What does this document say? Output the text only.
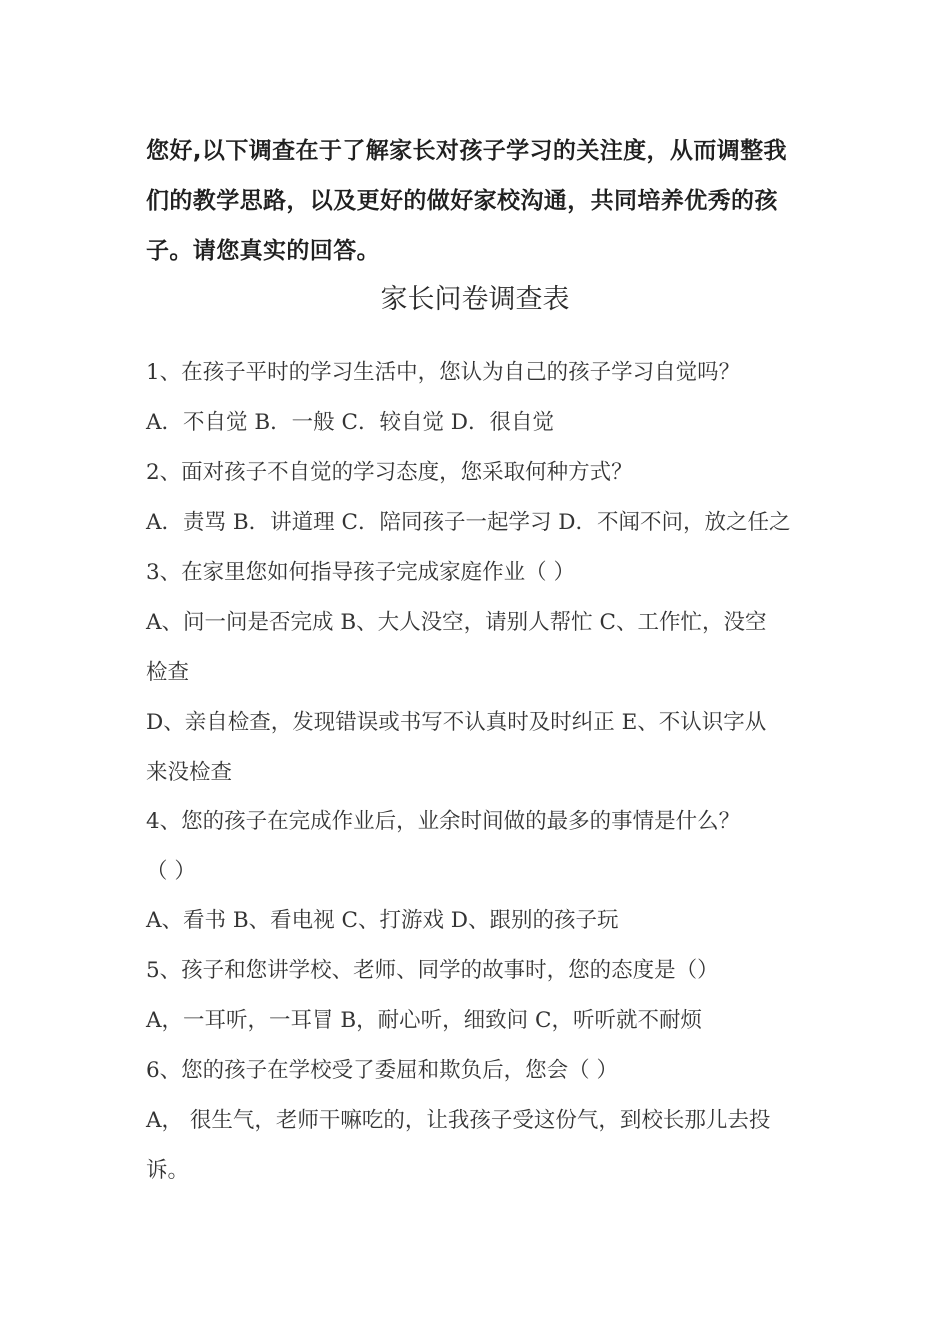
您好,以下调查在于了解家长对孩子学习的关注度，从而调整我
们的教学思路，以及更好的做好家校沟通，共同培养优秀的孩
子。请您真实的回答。
家长问卷调查表
1、在孩子平时的学习生活中，您认为自己的孩子学习自觉吗？
A．不自觉 B．一般 C．较自觉 D．很自觉
2、面对孩子不自觉的学习态度，您采取何种方式？
A．责骂 B．讲道理 C．陪同孩子一起学习 D．不闻不问，放之任之
3、在家里您如何指导孩子完成家庭作业（ ）
A、问一问是否完成 B、大人没空，请别人帮忙 C、工作忙，没空
检查
D、亲自检查，发现错误或书写不认真时及时纠正 E、不认识字从
来没检查
4、您的孩子在完成作业后，业余时间做的最多的事情是什么？
（ ）
A、看书 B、看电视 C、打游戏 D、跟别的孩子玩
5、孩子和您讲学校、老师、同学的故事时，您的态度是（）
A，一耳听，一耳冒 B，耐心听，细致问 C，听听就不耐烦
6、您的孩子在学校受了委屈和欺负后，您会（ ）
A， 很生气，老师干嘛吃的，让我孩子受这份气，到校长那儿去投
诉。
